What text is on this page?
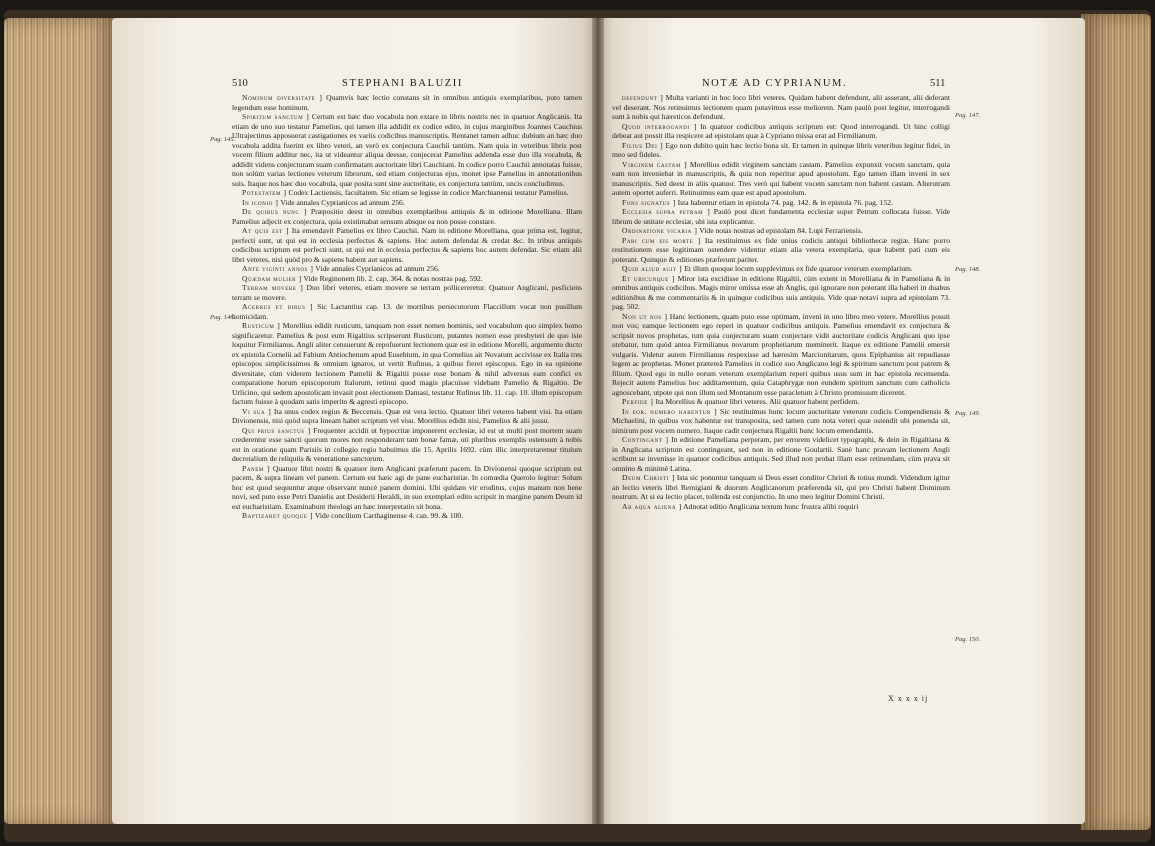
510	STEPHANI BALUZII	NOTÆ AD CYPRIANUM.	511
Pag. 145.
Pag. 146.
Pag. 147.
Pag. 148.
Pag. 149.
Pag. 150.

Nominum diversitate ] Quamvis hæc lectio constans sit in omnibus antiquis exemplaribus, puto tamen legendum esse hominum.

Spiritum sanctum ] Certum est hæc duo vocabula non extare in libris nostris nec in quatuor Anglicanis. Ita etiam de uno suo testatur Pamelius, qui tamen illa addidit ex codice edito, in cujus marginibus Joannes Cauchius Ultrajectinus apposuerat castigationes ex variis codicibus manuscriptis. Rentanet tamen adhuc dubium an hæc duo vocabula addita fuerint ex libro veteri, an verò ex conjectura Cauchii tantùm. Nam quia in veteribus libris post vocem filium additur nec, ita ut videantur aliqua deesse, conjecerat Pamelius addenda esse duo illa vocabula, & addidit videns conjecturam suam confirmatam auctoritate libri Cauchiani. In codice porro Cauchii annotatas fuisse, non solùm varias lectiones veterum librorum, sed etiam conjecturas ejus, monet ipse Pamelius in annotationibus suis. Itaque nos hæc duo vocabula, quæ posita sunt sine auctoritate, ex conjectura tantùm, uncis concludimus.

Potestatem ] Codex Lactiensis, facultatem. Sic etiam se legisse in codice Marchianensi testatur Pamelius.

In iconio ] Vide annales Cyprianicos ad annum 256.

De quibus nunc ] Præpositio deest in omnibus exemplaribus antiquis & in editione Morelliana. Illam Pamelius adjecit ex conjectura, quia existimabat sensum absque ea non posse constare.

At quis est ] Ita emendavit Pamelius ex libro Cauchii. Nam in editione Morelliana, quæ prima est, legitur, perfecti sunt, ut qui est in ecclesia perfectus & sapiens. Hoc autem defendat & credat &c. In tribus antiquis codicibus scriptum est perfecti sunt, ut qui est in ecclesia perfectus & sapiens hoc autem defendat. Sic etiam alii libri veteres, nisi quòd pro & sapiens habent aut sapiens.

Ante viginti annos ] Vide annales Cyprianicos ad annum 256.

Quædam mulier ] Vide Reginonem lib. 2. cap. 364. & notas nostras pag. 592.

Terram movere ] Duo libri veteres, etiam movere se terram pollicereretur. Quatuor Anglicani, pesficiens terram se movere.

Acerbus et dirus ] Sic Lactantius cap. 13. de mortibus persecutorum Flaccillum vocat non pusillum homicidam.

Rusticum ] Morellius edidit rusticum, tanquam non esset nomen hominis, sed vocabulum quo simplex homo significaretur. Pamelius & post eum Rigaltius scripserunt Rusticum, putantes nomen esse presbyteri de quo iste loquitur Firmilianus. Angli aliter censuerunt & repofuerunt lectionem quæ est in editione Morelli, argumento ducto ex epistola Cornelii ad Fabium Antiochenum apud Eusebium, in qua Cornelius ait Novatum accivisse ex Italia tres episcopos simplicissimos & omnium ignaros, ut vertit Rufinus, à quibus fieret episcopus. Ego in ea opinione diversitate, cùm viderem lectionem Pamelii & Rigaltii posse esse bonam & nihil adversus eam confici ex comparatione horum episcoporum Italorum, retinui quod magis placuisse videbam Pamelio & Rigaltio. De Urlicino, qui sedem apostolicam invasit post electionem Damasi, testatur Rufinus lib. 11. cap. 10. illum episcopum factum fuisse à quodam satis imperito & agresti episcopo.

Vi sua ] Ita unus codex regius & Beccensis. Quæ est vera lectio. Quatuor libri veteres habent visi. Ita etiam Divionensis, nisi quòd supra lineam habet scriptum vel visu. Morellius edidit nisi, Pamelius & alii jussu.

Qui prius sanctus ] Frequenter accidit ut hypocritæ imponerent ecclesiæ, id est ut multi post mortem suam crederentur esse sancti quorum mores non responderant tam bonæ famæ, uti pluribus exemplis ostensum à nobis est in oratione quam Parisiis in collegio regio habuimus die 15. Aprilis 1692. cùm illic interpretaremur titulum decretalium de reliquiis & veneratione sanctorum.

Panem ] Quatuor libri nostri & quatuor item Anglicani præferunt pacem. In Divionensi quoque scriptum est pacem, & supra lineam vel panem. Certum est hæic agi de pane eucharistiæ. In comœdia Querolo legitur: Solum hoc est quod sequuntur atque observant nuncè panem domini. Ubi quidam vir eruditus, cujus manum non bene novi, sed puto esse Petri Danielis aut Desiderii Heraldi, in suo exemplari edito scripsit in margine panem Deum id est eucharistiam. Examinabunt theologi an hæc interpretatio sit bona.

Baptizaret quoque ] Vide concilium Carthaginense 4. can. 99. & 100.

defendunt ] Multa varianti in hoc loco libri veteres. Quidam habent defendunt, alii asserant, alii deferant vel deserant. Nos retinuimus lectionem quam putavimus esse meliorem. Nam paulò post legitur, interrogandi sunt à nobis qui hæreticos defendunt.

Quod interrogandi ] In quatuor codicibus antiquis scriptum est: Quod interrogandi. Ut hinc colligi debeat aut possit illa respicere ad epistolam quæ à Cypriano missa erat ad Firmilianum.

Filius Dei ] Ego non dubito quin hæc lectio bona sit. Et tamen in quinque libris veteribus legitur fidei, in meo sed fideles.

Virginem castam ] Morellius edidit virginem sanctam castam. Pamelius expunxit vocem sanctam, quia eam non inveniebat in manuscriptis, & quia non reperitur apud apostolum. Ego tamen illam inveni in sex manuscriptis. Sed deest in aliis quatuor. Tres verò qui habent vocem sanctam non habent castam. Alterutram autem oportet auferri. Retinuimus eam quæ est apud apostolum.

Fons signatus ] Ista habentur etiam in epistola 74. pag. 142. & in epistola 76. pag. 152.

Ecclesia supra petram ] Paulò post dicet fundamenta ecclesiæ super Petrum collocata fuisse. Vide librum de unitate ecclesiæ, ubi ista explicantur.

Ordinatione vicaria ] Vide notas nostras ad epistolam 84. Lupi Ferrariensis.

Pari cum eis morte ] Ita restituimus ex fide unius codicis antiqui bibliothecæ regiæ. Hanc porro restitutionem esse legitimam ostendere videntur etiam alia vetera exemplaria, quæ habent pati cum eis poterant. Quinque & editiones præferunt pariter.

Quid aliud agit ] Et illum quoque locum supplevimus ex fide quatuor veterum exemplarium.

Et ubicunque ] Miror ista excidisse in editione Rigaltii, cùm extent in Morelliana & in Pameliana & in omnibus antiquis codicibus. Magis miror omissa esse ab Anglis, qui ignorare non poterant illa haberi in duabus editionibus & me commentariis & in quinque codicibus suis antiquis. Vide quæ notavi supra ad epistolam 73. pag. 502.

Non ut nos ] Hanc lectionem, quam puto esse optimam, inveni in uno libro meo vetere. Morellius posuit non vos; eamque lectionem ego reperi in quatuor codicibus antiquis. Pamelius emendavit ex conjectura & scripsit novos prophetas, tum quia conjecturam suam conjectare vidit auctoritate codicis Anglicani quo ipse utebatur, tum quòd antea Firmilianus novarum prophetiarum meminerit. Itaque ex editione Pamelii emersit vulgaris. Videtur autem Firmilianus respexisse ad hæresim Marcionitarum, quos Epiphanius ait repudiasse legem ac prophetas. Monet prætereà Pamelius in codice suo Anglicano legi & spiritum sanctum post patrem & filium. Quod ego in nullo eorum veterum exemplarium reperi quibus usus sum in hac epistola recensenda. Rejecit autem Pamelius hoc additamentum, quia Cataphrygæ non eundem spiritum sanctum cum catholicis agnoscebant, utpote qui non illum sed Montanum esse paracletum à Christo promissum dicerent.

Perfide ] Ita Morellius & quatuor libri veteres. Alii quatuor habent perfidem.

In eor. numero habentur ] Sic restituimus hunc locum auctoritate veterum codicis Compendiensis & Michaelini, in quibus vox habentur est transposita, sed tamen cum nota veteri quæ ostendit ubi ponenda sit, nimirum post vocem numero. Itaque cadit conjectura Rigaltii hunc locum emendantis.

Contingant ] In editione Pameliana perperam, per errorem videlicet typographi, & dein in Rigaltiana & in Anglicana scriptum est contingeant, sed non in editione Goulartii. Sanè hanc pravam lectionem Angli scribunt se invenisse in quatuor codicibus antiquis. Sed illud non probat illam esse retinendam, cùm prava sit omnino & minimè Latina.

Deum Christi ] Ista sic ponuntur tanquam si Deus esset conditor Christi & totius mundi. Videndum igitur an lectio veteris libri Remigiani & duorum Anglicanorum præferenda sit, qui pro Christi habent Dominum nostrum. At si ea lectio placet, tollenda est conjunctio. In uno meo legitur Domini Christi.

Ab aqua aliena ] Adnotat editio Anglicana textum hunc frustra alibi requiri

X x x x ij
